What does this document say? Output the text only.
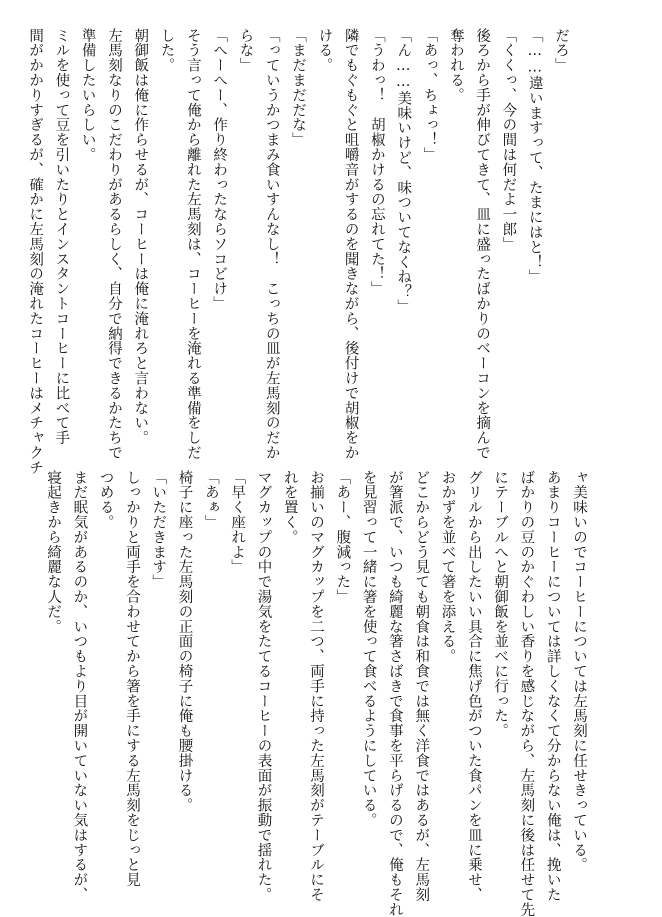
だろ」
「……違いますって、たまにはと！」
「くくっ、今の間は何だよ一郎」
後ろから手が伸びてきて、皿に盛ったばかりのベーコンを摘んで
奪われる。
「あっ、ちょっ！」
「ん……美味いけど、味ついてなくね？」
「うわっ！　胡椒かけるの忘れてた！」
隣でもぐもぐと咀嚼音がするのを聞きながら、後付けで胡椒をか
ける。
「まだまだだな」
「っていうかつまみ食いすんなし！　こっちの皿が左馬刻のだか
らな」
「へーへー、作り終わったならソコどけ」
そう言って俺から離れた左馬刻は、コーヒーを淹れる準備をしだ
した。
朝御飯は俺に作らせるが、コーヒーは俺に淹れろと言わない。
左馬刻なりのこだわりがあるらしく、自分で納得できるかたちで
準備したいらしい。
ミルを使って豆を引いたりとインスタントコーヒーに比べて手
間がかかりすぎるが、確かに左馬刻の淹れたコーヒーはメチャクチ
ャ美味いのでコーヒーについては左馬刻に任せきっている。
あまりコーヒーについては詳しくなくて分からない俺は、挽いた
ばかりの豆のかぐわしい香りを感じながら、左馬刻に後は任せて先
にテーブルへと朝御飯を並べに行った。
グリルから出したいい具合に焦げ色がついた食パンを皿に乗せ、
おかずを並べて箸を添える。
どこからどう見ても朝食は和食では無く洋食ではあるが、左馬刻
が箸派で、いつも綺麗な箸さばきで食事を平らげるので、俺もそれ
を見習って一緒に箸を使って食べるようにしている。
「あー、腹減った」
お揃いのマグカップを二つ、両手に持った左馬刻がテーブルにそ
れを置く。
マグカップの中で湯気をたてるコーヒーの表面が振動で揺れた。
「早く座れよ」
「あぁ」
椅子に座った左馬刻の正面の椅子に俺も腰掛ける。
「いただきます」
しっかりと両手を合わせてから箸を手にする左馬刻をじっと見
つめる。
まだ眠気があるのか、いつもより目が開いていない気はするが、
寝起きから綺麗な人だ。
